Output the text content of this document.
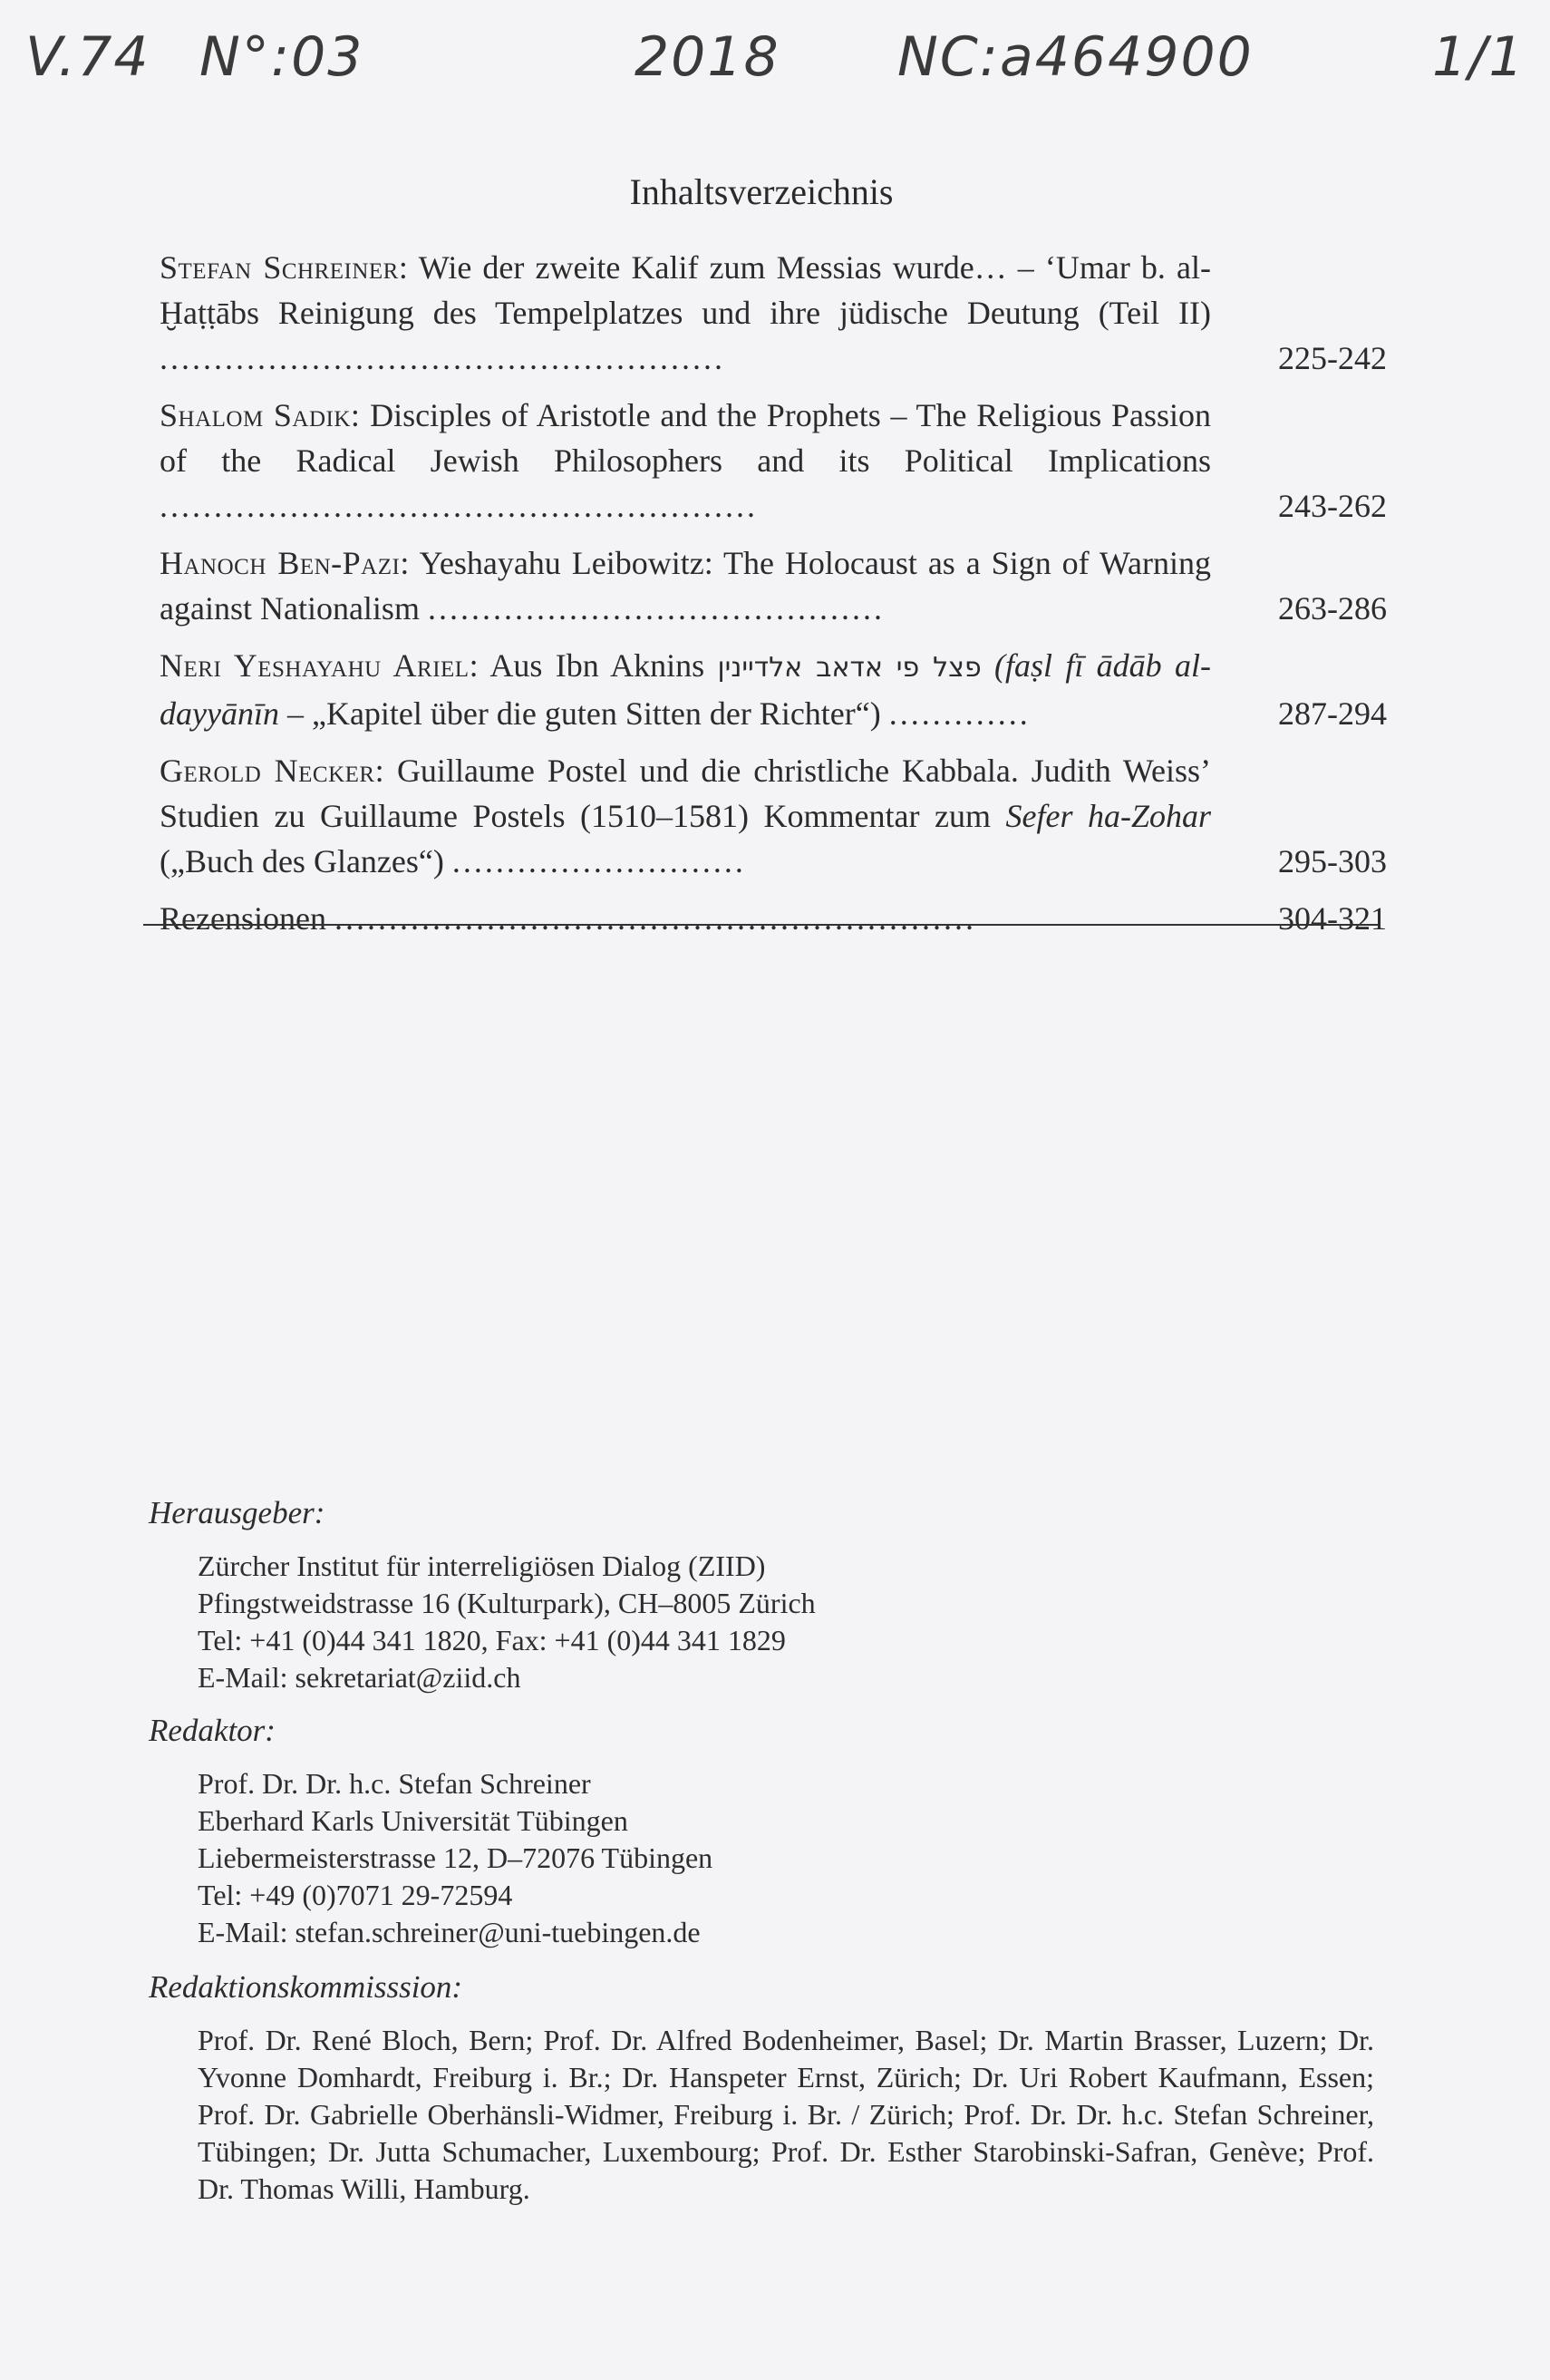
V.74 N°:03	2018 NC:a464900	1/1
Inhaltsverzeichnis
Stefan Schreiner: Wie der zweite Kalif zum Messias wurde… – ‘Umar b. al-Ḫaṭṭābs Reinigung des Tempelplatzes und ihre jüdische Deutung (Teil II) ....................................................	225-242
Shalom Sadik: Disciples of Aristotle and the Prophets – The Religious Passion of the Radical Jewish Philosophers and its Political Implications .......................................................	243-262
Hanoch Ben-Pazi: Yeshayahu Leibowitz: The Holocaust as a Sign of Warning against Nationalism ..........................................	263-286
Neri Yeshayahu Ariel: Aus Ibn Aknins פצל פי אדאב אלדיינין (faṣl fī ādāb al-dayyānīn – „Kapitel über die guten Sitten der Richter“) .............	287-294
Gerold Necker: Guillaume Postel und die christliche Kabbala. Judith Weiss’ Studien zu Guillaume Postels (1510–1581) Kommentar zum Sefer ha-Zohar („Buch des Glanzes“) ...........................	295-303
Rezensionen ...........................................................	304-321
Herausgeber:
Zürcher Institut für interreligiösen Dialog (ZIID)
Pfingstweidstrasse 16 (Kulturpark), CH–8005 Zürich
Tel: +41 (0)44 341 1820, Fax: +41 (0)44 341 1829
E-Mail: sekretariat@ziid.ch
Redaktor:
Prof. Dr. Dr. h.c. Stefan Schreiner
Eberhard Karls Universität Tübingen
Liebermeisterstrasse 12, D–72076 Tübingen
Tel: +49 (0)7071 29-72594
E-Mail: stefan.schreiner@uni-tuebingen.de
Redaktionskommisssion:
Prof. Dr. René Bloch, Bern; Prof. Dr. Alfred Bodenheimer, Basel; Dr. Martin Brasser, Luzern; Dr. Yvonne Domhardt, Freiburg i. Br.; Dr. Hanspeter Ernst, Zürich; Dr. Uri Robert Kaufmann, Essen; Prof. Dr. Gabrielle Oberhänsli-Widmer, Freiburg i. Br. / Zürich; Prof. Dr. Dr. h.c. Stefan Schreiner, Tübingen; Dr. Jutta Schumacher, Luxembourg; Prof. Dr. Esther Starobinski-Safran, Genève; Prof. Dr. Thomas Willi, Hamburg.
